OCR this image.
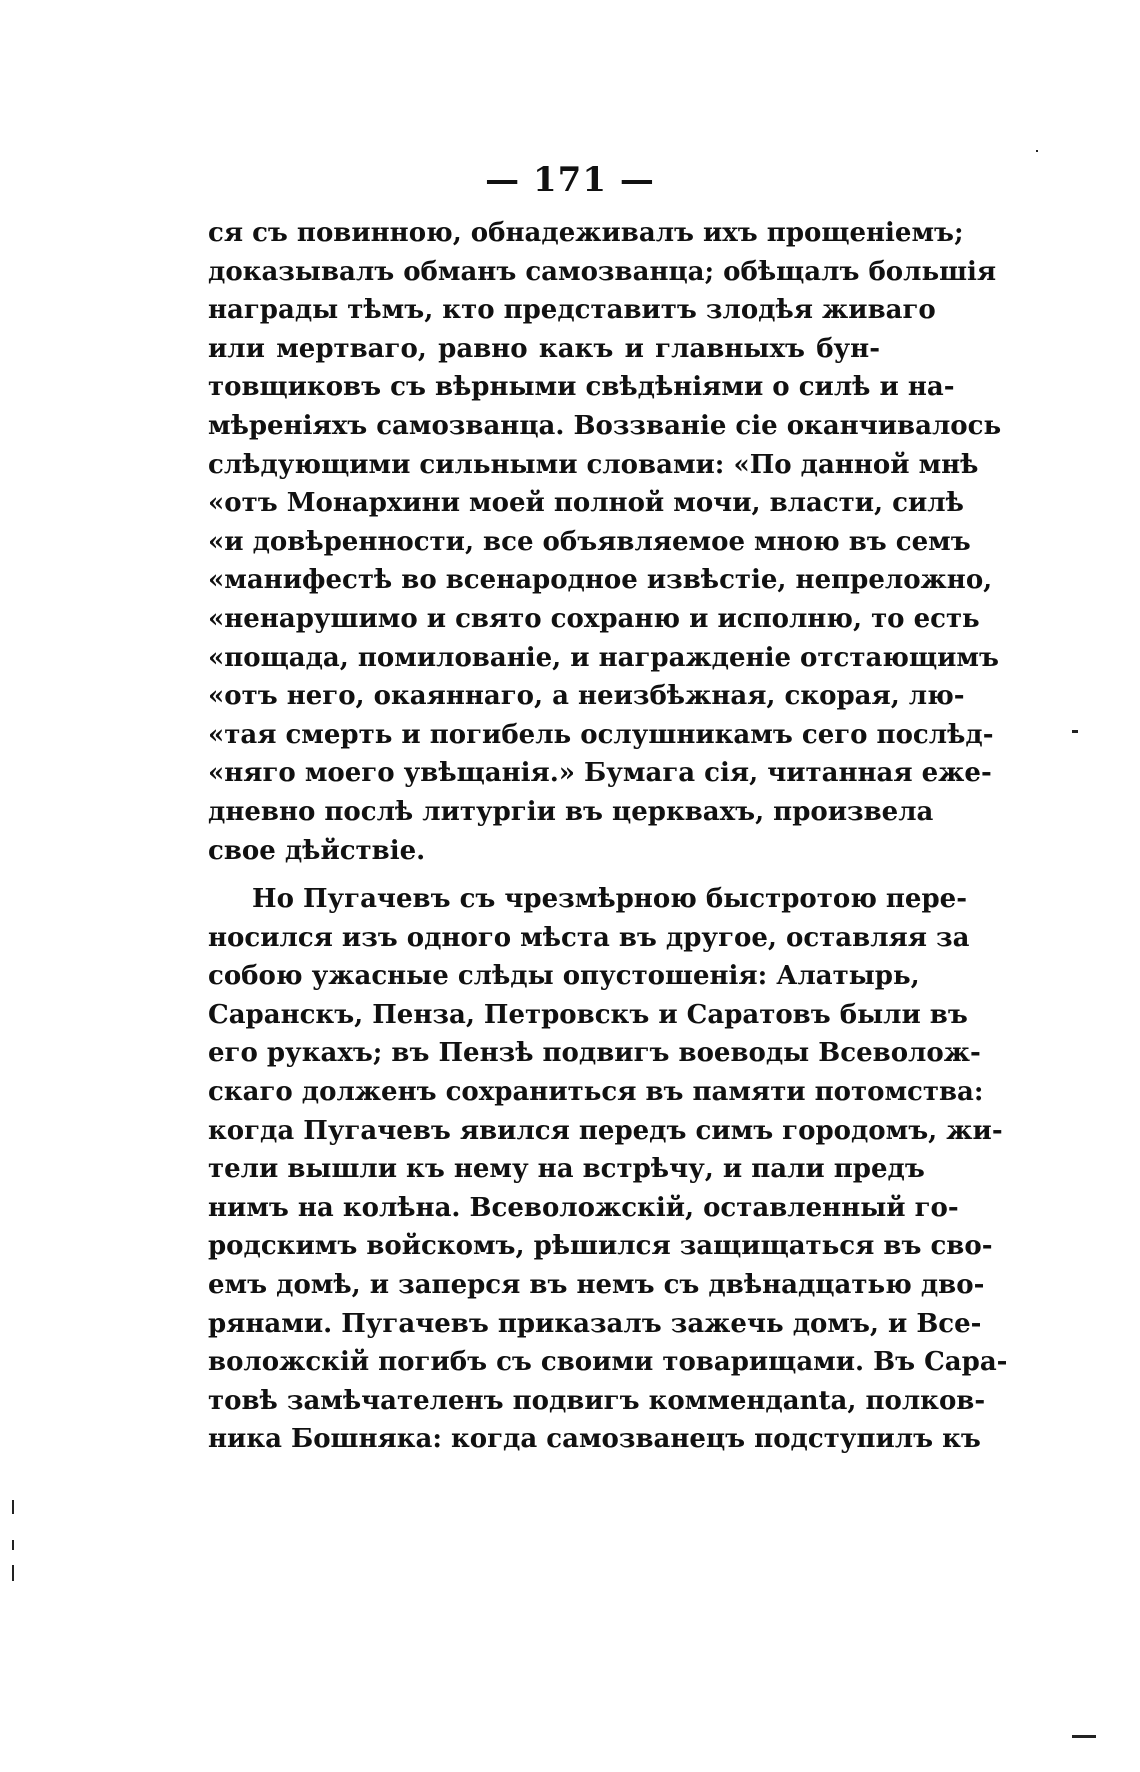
— 171 —
ся съ повинною, обнадеживалъ ихъ прощеніемъ;
доказывалъ обманъ самозванца; обѣщалъ большія
награды тѣмъ, кто представитъ злодѣя живаго
или мертваго, равно какъ и главныхъ бун-
товщиковъ съ вѣрными свѣдѣніями о силѣ и на-
мѣреніяхъ самозванца. Воззваніе сіе оканчивалось
слѣдующими сильными словами: «По данной мнѣ
«отъ Монархини моей полной мочи, власти, силѣ
«и довѣренности, все объявляемое мною въ семъ
«манифестѣ во всенародное извѣстіе, непреложно,
«ненарушимо и свято сохраню и исполню, то есть
«пощада, помилованіе, и награжденіе отстающимъ
«отъ него, окаяннаго, а неизбѣжная, скорая, лю-
«тая смерть и погибель ослушникамъ сего послѣд-
«няго моего увѣщанія.» Бумага сія, читанная еже-
дневно послѣ литургіи въ церквахъ, произвела
свое дѣйствіе.
Но Пугачевъ съ чрезмѣрною быстротою пере-
носился изъ одного мѣста въ другое, оставляя за
собою ужасные слѣды опустошенія: Алатырь,
Саранскъ, Пенза, Петровскъ и Саратовъ были въ
его рукахъ; въ Пензѣ подвигъ воеводы Всеволож-
скаго долженъ сохраниться въ памяти потомства:
когда Пугачевъ явился передъ симъ городомъ, жи-
тели вышли къ нему на встрѣчу, и пали предъ
нимъ на колѣна. Всеволожскій, оставленный го-
родскимъ войскомъ, рѣшился защищаться въ сво-
емъ домѣ, и заперся въ немъ съ двѣнадцатью дво-
рянами. Пугачевъ приказалъ зажечь домъ, и Все-
воложскій погибъ съ своими товарищами. Въ Сара-
товѣ замѣчателенъ подвигъ коммендanta, полков-
ника Бошняка: когда самозванецъ подступилъ къ
